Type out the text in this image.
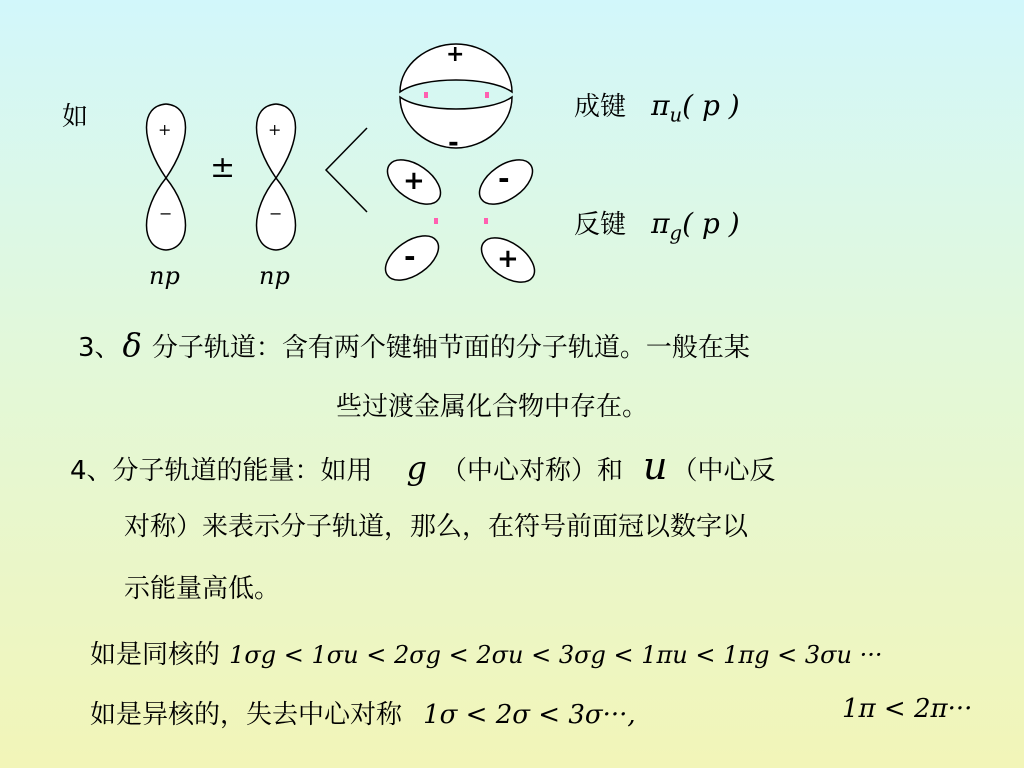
如	+
−
+
−
±
np	np
+
-
+	-
-	+
成键 $\pi_u$( p )
反键 $\pi_g$( p )
3、δ 分子轨道：含有两个键轴节面的分子轨道。一般在某
些过渡金属化合物中存在。
4、分子轨道的能量：如用 g （中心对称）和 u （中心反
对称）来表示分子轨道，那么，在符号前面冠以数字以
示能量高低。
如是同核的 1σg < 1σu < 2σg < 2σu < 3σg < 1πu < 1πg < 3σu ···
如是异核的，失去中心对称 1σ < 2σ < 3σ···,	1π < 2π···
